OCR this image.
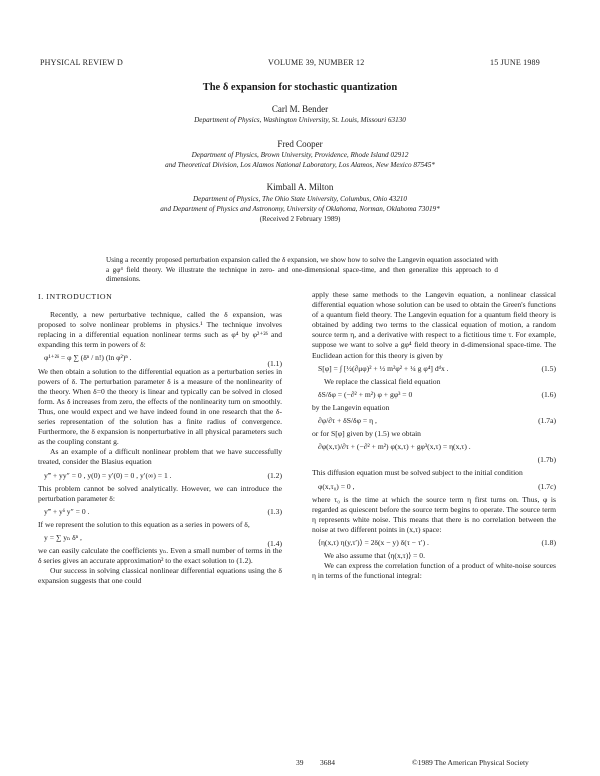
PHYSICAL REVIEW D	VOLUME 39, NUMBER 12	15 JUNE 1989
The δ expansion for stochastic quantization
Carl M. Bender
Department of Physics, Washington University, St. Louis, Missouri 63130
Fred Cooper
Department of Physics, Brown University, Providence, Rhode Island 02912
and Theoretical Division, Los Alamos National Laboratory, Los Alamos, New Mexico 87545*
Kimball A. Milton
Department of Physics, The Ohio State University, Columbus, Ohio 43210
and Department of Physics and Astronomy, University of Oklahoma, Norman, Oklahoma 73019*
(Received 2 February 1989)
Using a recently proposed perturbation expansion called the δ expansion, we show how to solve the Langevin equation associated with a gφ⁴ field theory. We illustrate the technique in zero- and one-dimensional space-time, and then generalize this approach to d dimensions.

I. INTRODUCTION

Recently, a new perturbative technique, called the δ expansion, was proposed to solve nonlinear problems in physics.¹ The technique involves replacing in a differential equation nonlinear terms such as φ⁴ by φ²⁺²ᵟ and expanding this term in powers of δ:

φ¹⁺²ᵟ = φ ∑ (δⁿ / n!) (ln φ²)ⁿ .
(1.1)

We then obtain a solution to the differential equation as a perturbation series in powers of δ. The perturbation parameter δ is a measure of the nonlinearity of the theory. When δ=0 the theory is linear and typically can be solved in closed form. As δ increases from zero, the effects of the nonlinearity turn on smoothly. Thus, one would expect and we have indeed found in one research that the δ-series representation of the solution has a finite radius of convergence. Furthermore, the δ expansion is nonperturbative in all physical parameters such as the coupling constant g.

As an example of a difficult nonlinear problem that we have successfully treated, consider the Blasius equation

y‴ + yy″ = 0 , y(0) = y′(0) = 0 , y′(∞) = 1 .	(1.2)

This problem cannot be solved analytically. However, we can introduce the perturbation parameter δ:

y‴ + yᵟ y″ = 0 .	(1.3)

If we represent the solution to this equation as a series in powers of δ,

y = ∑ yₙ δⁿ ,
(1.4)

we can easily calculate the coefficients yₙ. Even a small number of terms in the δ series gives an accurate approximation² to the exact solution to (1.2).

Our success in solving classical nonlinear differential equations using the δ expansion suggests that one could

apply these same methods to the Langevin equation, a nonlinear classical differential equation whose solution can be used to obtain the Green's functions of a quantum field theory. The Langevin equation for a quantum field theory is obtained by adding two terms to the classical equation of motion, a random source term η, and a derivative with respect to a fictitious time τ. For example, suppose we want to solve a gφ⁴ field theory in d-dimensional space-time. The Euclidean action for this theory is given by

S[φ] = ∫ [½(∂μφ)² + ½ m²φ² + ¼ g φ⁴] dᵈx .	(1.5)

We replace the classical field equation

δS/δφ = (−∂² + m²) φ + gφ³ = 0	(1.6)

by the Langevin equation

∂φ/∂τ + δS/δφ = η ,	(1.7a)

or for S[φ] given by (1.5) we obtain

∂φ(x,τ)/∂τ + (−∂² + m²) φ(x,τ) + gφ³(x,τ) = η(x,τ) .
(1.7b)

This diffusion equation must be solved subject to the initial condition

φ(x,τ₀) = 0 ,	(1.7c)

where τ₀ is the time at which the source term η first turns on. Thus, φ is regarded as quiescent before the source term begins to operate. The source term η represents white noise. This means that there is no correlation between the noise at two different points in (x,τ) space:

⟨η(x,τ) η(y,τ′)⟩ = 2δ(x − y) δ(τ − τ′) .	(1.8)

We also assume that ⟨η(x,τ)⟩ = 0.

We can express the correlation function of a product of white-noise sources η in terms of the functional integral:

39 3684	©1989 The American Physical Society
